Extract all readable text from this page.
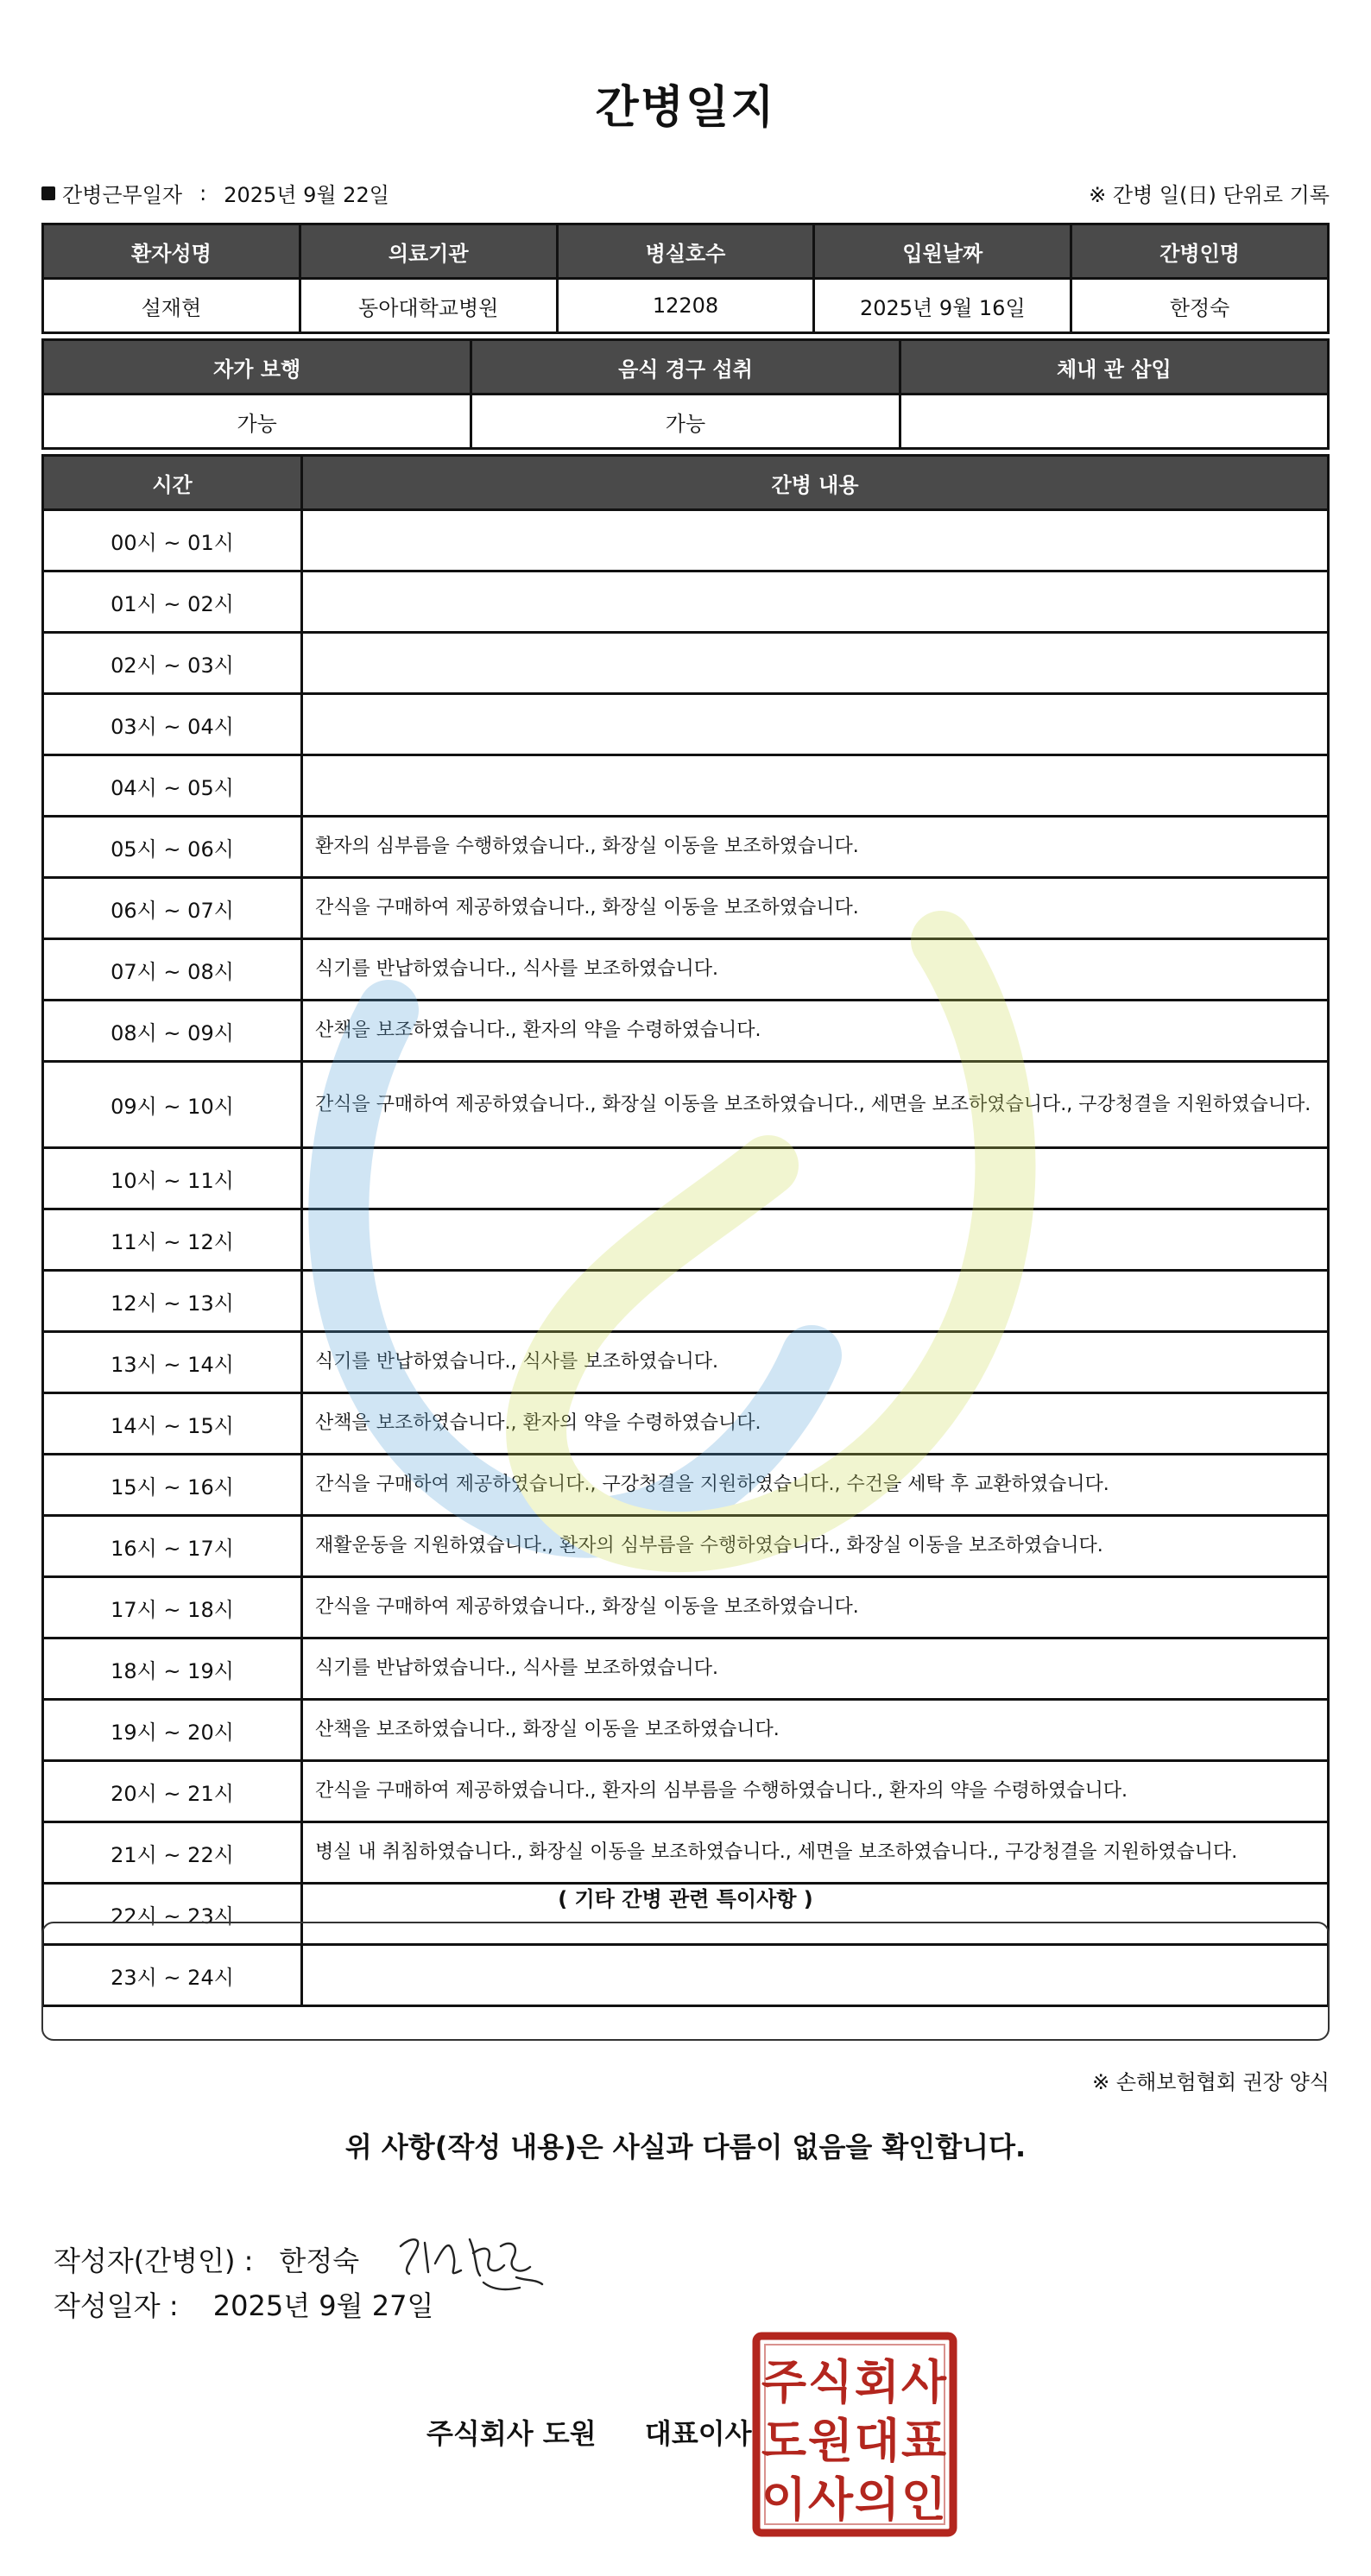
간병일지
간병근무일자 : 2025년 9월 22일	※ 간병 일(日) 단위로 기록
환자성명	의료기관	병실호수	입원날짜	간병인명
설재현	동아대학교병원	12208	2025년 9월 16일	한정숙
자가 보행	음식 경구 섭취	체내 관 삽입
가능	가능	
시간	간병 내용
00시 ~ 01시	
01시 ~ 02시	
02시 ~ 03시	
03시 ~ 04시	
04시 ~ 05시	
05시 ~ 06시	환자의 심부름을 수행하였습니다., 화장실 이동을 보조하였습니다.
06시 ~ 07시	간식을 구매하여 제공하였습니다., 화장실 이동을 보조하였습니다.
07시 ~ 08시	식기를 반납하였습니다., 식사를 보조하였습니다.
08시 ~ 09시	산책을 보조하였습니다., 환자의 약을 수령하였습니다.
09시 ~ 10시	간식을 구매하여 제공하였습니다., 화장실 이동을 보조하였습니다., 세면을 보조하였습니다., 구강청결을 지원하였습니다.
10시 ~ 11시	
11시 ~ 12시	
12시 ~ 13시	
13시 ~ 14시	식기를 반납하였습니다., 식사를 보조하였습니다.
14시 ~ 15시	산책을 보조하였습니다., 환자의 약을 수령하였습니다.
15시 ~ 16시	간식을 구매하여 제공하였습니다., 구강청결을 지원하였습니다., 수건을 세탁 후 교환하였습니다.
16시 ~ 17시	재활운동을 지원하였습니다., 환자의 심부름을 수행하였습니다., 화장실 이동을 보조하였습니다.
17시 ~ 18시	간식을 구매하여 제공하였습니다., 화장실 이동을 보조하였습니다.
18시 ~ 19시	식기를 반납하였습니다., 식사를 보조하였습니다.
19시 ~ 20시	산책을 보조하였습니다., 화장실 이동을 보조하였습니다.
20시 ~ 21시	간식을 구매하여 제공하였습니다., 환자의 심부름을 수행하였습니다., 환자의 약을 수령하였습니다.
21시 ~ 22시	병실 내 취침하였습니다., 화장실 이동을 보조하였습니다., 세면을 보조하였습니다., 구강청결을 지원하였습니다.
22시 ~ 23시	
23시 ~ 24시	
( 기타 간병 관련 특이사항 )
※ 손해보험협회 권장 양식
위 사항(작성 내용)은 사실과 다름이 없음을 확인합니다.
작성자(간병인) : 한정숙
작성일자 : 2025년 9월 27일
주식회사 도원 대표이사
주 식 회 사
도 원 대 표
이 사 의 인
